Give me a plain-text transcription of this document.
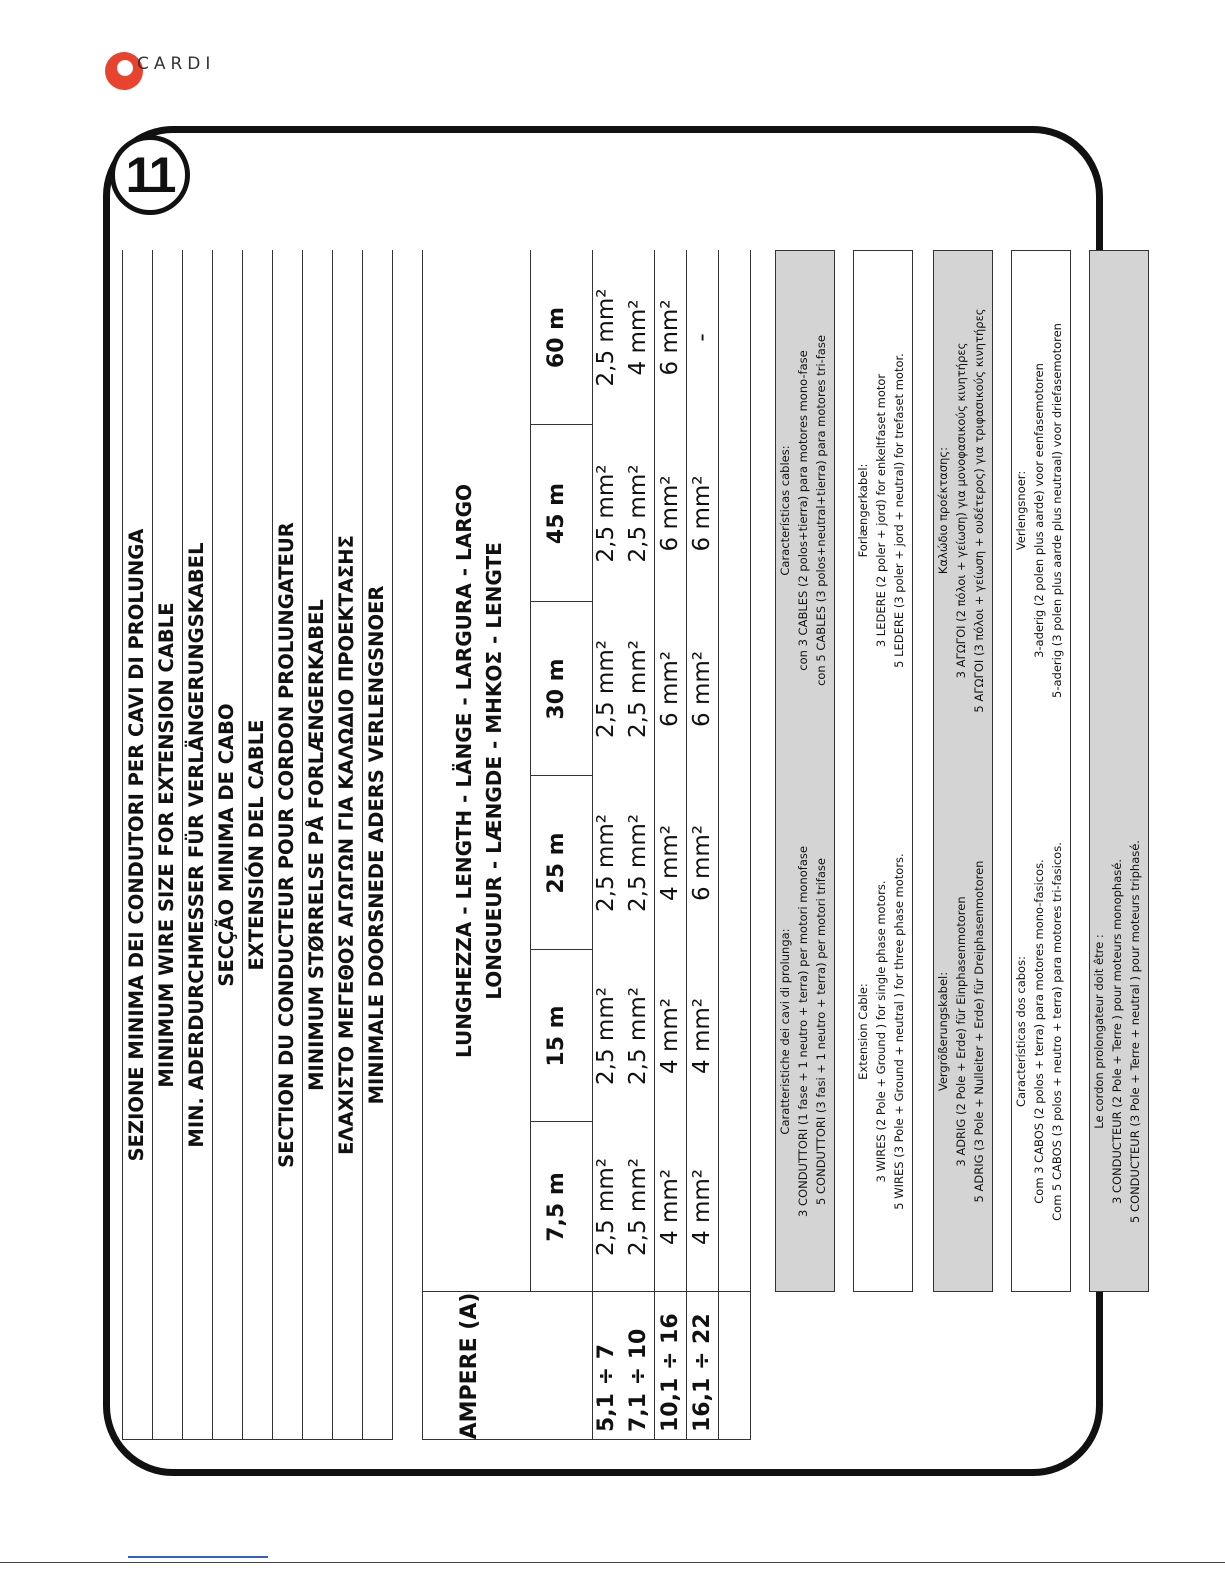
CARDI
11
SEZIONE MINIMA DEI CONDUTORI PER CAVI DI PROLUNGA MINIMUM WIRE SIZE FOR EXTENSION CABLE MIN. ADERDURCHMESSER FÜR VERLÄNGERUNGSKABEL SECÇÃO MINIMA DE CABO EXTENSIÓN DEL CABLE SECTION DU CONDUCTEUR POUR CORDON PROLUNGATEUR MINIMUM STØRRELSE PÅ FORLÆNGERKABEL ΕΛΑΧΙΣΤΟ ΜΕΓΕΘΟΣ ΑΓΩΓΩΝ ΓΙΑ ΚΑΛΩΔΙΟ ΠΡΟΕΚΤΑΣΗΣ MINIMALE DOORSNEDE ADERS VERLENGSNOER
AMPERE (A)
LUNGHEZZA - LENGTH - LÄNGE - LARGURA - LARGO LONGUEUR - LÆNGDE - ΜΗΚΟΣ - LENGTE
7,5 m
15 m
25 m
30 m
45 m
60 m
5,1 ÷ 7
2,5 mm²
2,5 mm²
2,5 mm²
2,5 mm²
2,5 mm²
2,5 mm²
7,1 ÷ 10
2,5 mm²
2,5 mm²
2,5 mm²
2,5 mm²
2,5 mm²
4 mm²
10,1 ÷ 16
4 mm²
4 mm²
4 mm²
6 mm²
6 mm²
6 mm²
16,1 ÷ 22
4 mm²
4 mm²
6 mm²
6 mm²
6 mm²
-
Caratteristiche dei cavi di prolunga: 3 CONDUTTORI (1 fase + 1 neutro + terra) per motori monofase 5 CONDUTTORI (3 fasi + 1 neutro + terra) per motori trifase
Características cables: con 3 CABLES (2 polos+tierra) para motores mono-fase con 5 CABLES (3 polos+neutral+tierra) para motores tri-fase
Extension Cable: 3 WIRES (2 Pole + Ground ) for single phase motors. 5 WIRES (3 Pole + Ground + neutral ) for three phase motors.
Forlængerkabel: 3 LEDERE (2 poler + jord) for enkeltfaset motor 5 LEDERE (3 poler + jord + neutral) for trefaset motor.
Vergrößerungskabel: 3 ADRIG (2 Pole + Erde) für Einphasenmotoren 5 ADRIG (3 Pole + Nulleiter + Erde) für Dreiphasenmotoren
Καλώδιο προέκτασης: 3 ΑΓΩΓΟΙ (2 πόλοι + γείωση) για μονοφασικούς κινητήρες 5 ΑΓΩΓΟΙ (3 πόλοι + γείωση + ουδέτερος) για τριφασικούς κινητήρες
Características dos cabos: Com 3 CABOS (2 polos + terra) para motores mono-fasicos. Com 5 CABOS (3 polos + neutro + terra) para motores tri-fasicos.
Verlengsnoer: 3-aderig (2 polen plus aarde) voor eenfasemotoren 5-aderig (3 polen plus aarde plus neutraal) voor driefasemotoren
Le cordon prolongateur doit être : 3 CONDUCTEUR (2 Pole + Terre ) pour moteurs monophasé. 5 CONDUCTEUR (3 Pole + Terre + neutral ) pour moteurs triphasé.
